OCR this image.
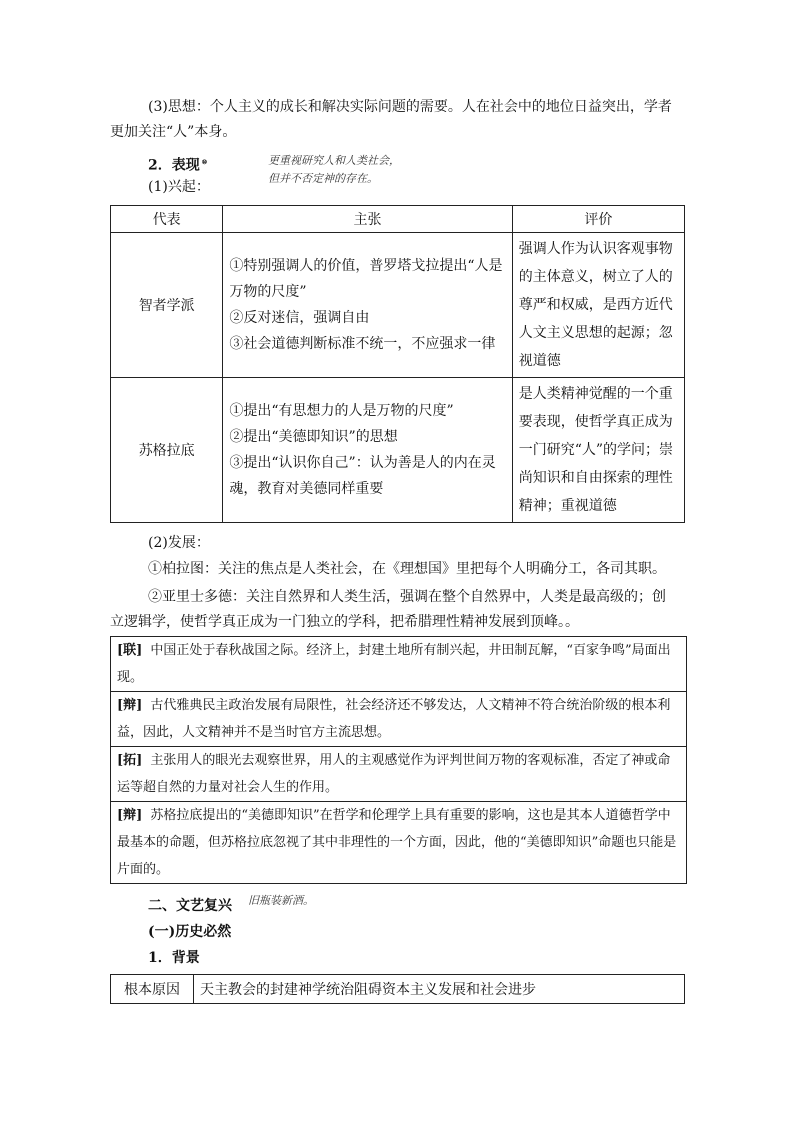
(3)思想：个人主义的成长和解决实际问题的需要。人在社会中的地位日益突出，学者
更加关注“人”本身。
2．表现 ⑩
(1)兴起：
更重视研究人和人类社会，
但并不否定神的存在。
代表	主张	评价
智者学派	①特别强调人的价值，普罗塔戈拉提出“人是万物的尺度”
②反对迷信，强调自由
③社会道德判断标准不统一，不应强求一律	强调人作为认识客观事物的主体意义，树立了人的尊严和权威，是西方近代人文主义思想的起源；忽视道德
苏格拉底	①提出“有思想力的人是万物的尺度”
②提出“美德即知识”的思想
③提出“认识你自己”：认为善是人的内在灵魂，教育对美德同样重要	是人类精神觉醒的一个重要表现，使哲学真正成为一门研究“人”的学问；崇尚知识和自由探索的理性精神；重视道德
(2)发展：
①柏拉图：关注的焦点是人类社会，在《理想国》里把每个人明确分工，各司其职。
②亚里士多德：关注自然界和人类生活，强调在整个自然界中，人类是最高级的；创
立逻辑学，使哲学真正成为一门独立的学科，把希腊理性精神发展到顶峰。。
[联] 中国正处于春秋战国之际。经济上，封建土地所有制兴起，井田制瓦解，“百家争鸣”局面出现。
[辩] 古代雅典民主政治发展有局限性，社会经济还不够发达，人文精神不符合统治阶级的根本利益，因此，人文精神并不是当时官方主流思想。
[拓] 主张用人的眼光去观察世界，用人的主观感觉作为评判世间万物的客观标准，否定了神或命运等超自然的力量对社会人生的作用。
[辩] 苏格拉底提出的“美德即知识”在哲学和伦理学上具有重要的影响，这也是其本人道德哲学中最基本的命题，但苏格拉底忽视了其中非理性的一个方面，因此，他的“美德即知识”命题也只能是片面的。
二、文艺复兴 旧瓶装新酒。
(一)历史必然
1．背景
根本原因	天主教会的封建神学统治阻碍资本主义发展和社会进步
